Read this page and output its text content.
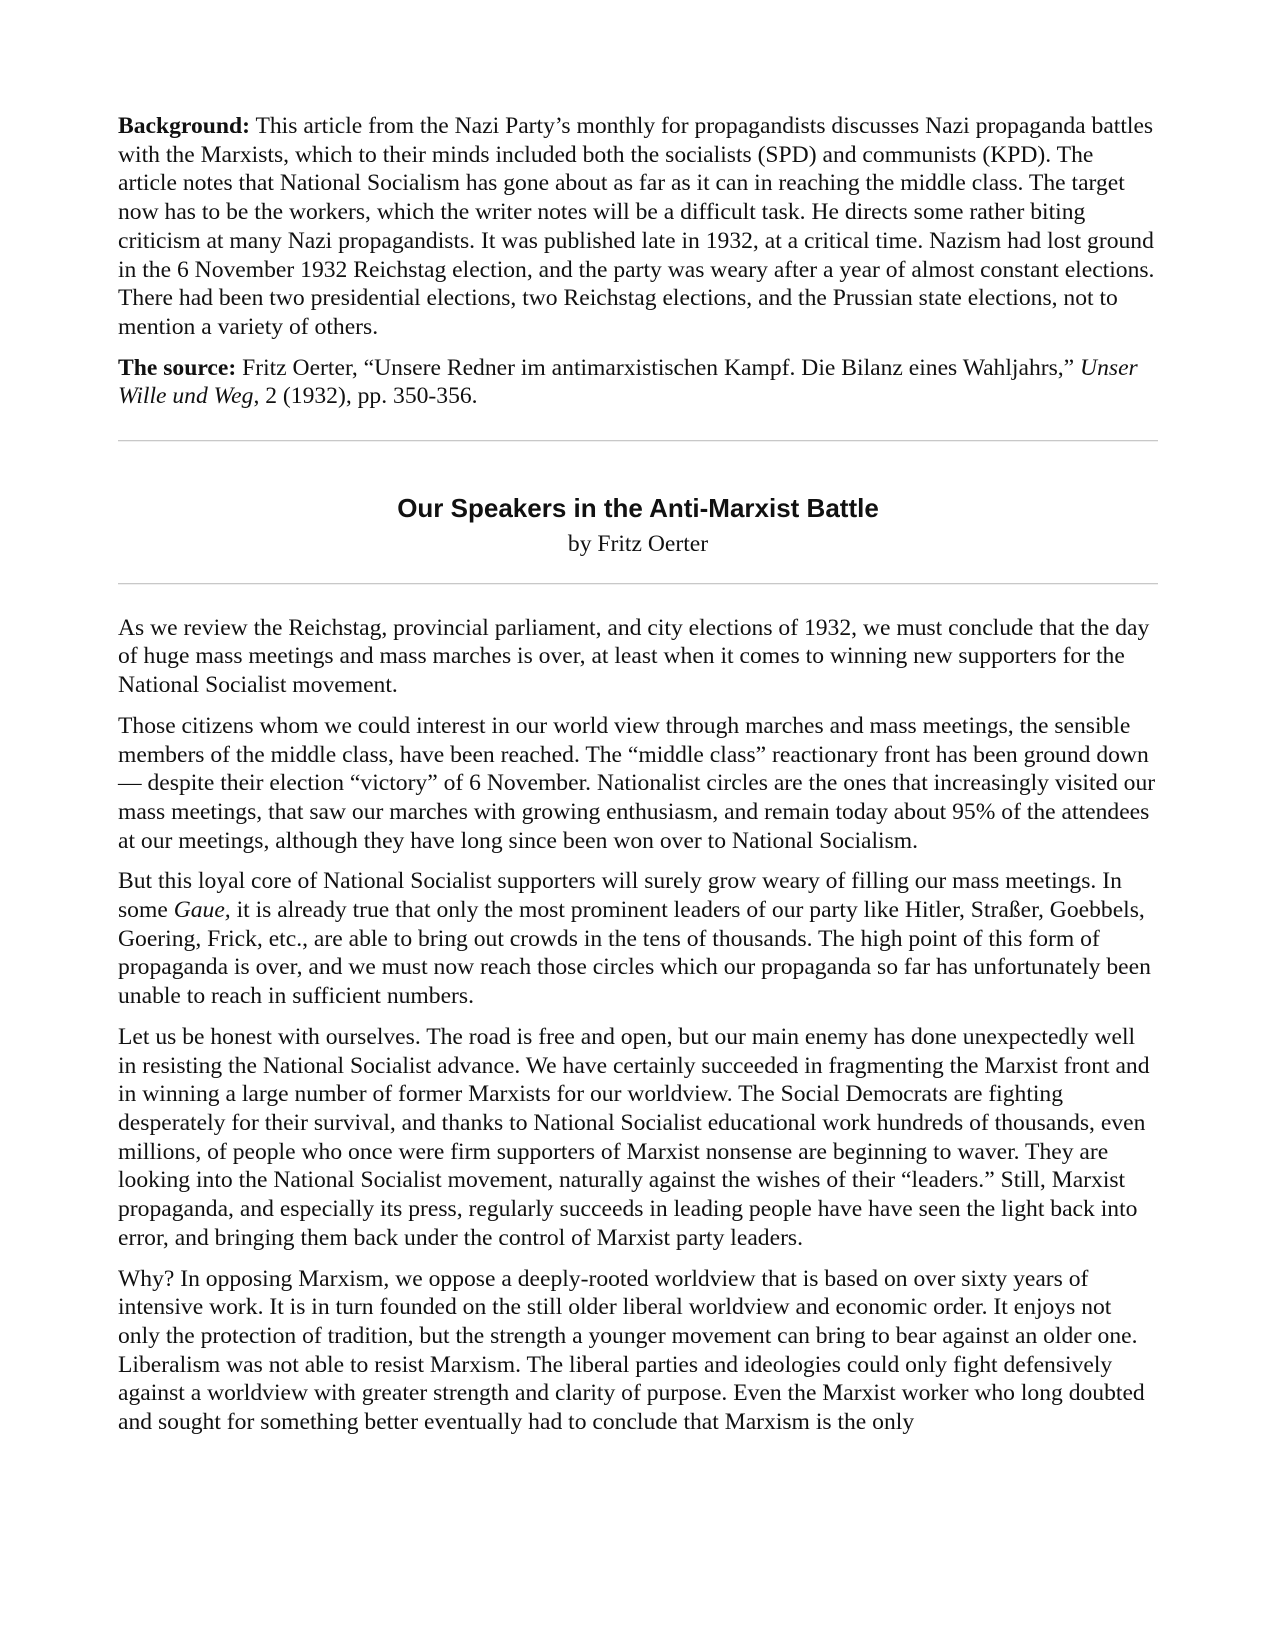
Background: This article from the Nazi Party’s monthly for propagandists discusses Nazi propaganda battles with the Marxists, which to their minds included both the socialists (SPD) and communists (KPD). The article notes that National Socialism has gone about as far as it can in reaching the middle class. The target now has to be the workers, which the writer notes will be a difficult task. He directs some rather biting criticism at many Nazi propagandists. It was published late in 1932, at a critical time. Nazism had lost ground in the 6 November 1932 Reichstag election, and the party was weary after a year of almost constant elections. There had been two presidential elections, two Reichstag elections, and the Prussian state elections, not to mention a variety of others.

The source: Fritz Oerter, “Unsere Redner im antimarxistischen Kampf. Die Bilanz eines Wahljahrs,” Unser Wille und Weg, 2 (1932), pp. 350-356.

Our Speakers in the Anti-Marxist Battle
by Fritz Oerter

As we review the Reichstag, provincial parliament, and city elections of 1932, we must conclude that the day of huge mass meetings and mass marches is over, at least when it comes to winning new supporters for the National Socialist movement.

Those citizens whom we could interest in our world view through marches and mass meetings, the sensible members of the middle class, have been reached. The “middle class” reactionary front has been ground down — despite their election “victory” of 6 November. Nationalist circles are the ones that increasingly visited our mass meetings, that saw our marches with growing enthusiasm, and remain today about 95% of the attendees at our meetings, although they have long since been won over to National Socialism.

But this loyal core of National Socialist supporters will surely grow weary of filling our mass meetings. In some Gaue, it is already true that only the most prominent leaders of our party like Hitler, Straßer, Goebbels, Goering, Frick, etc., are able to bring out crowds in the tens of thousands. The high point of this form of propaganda is over, and we must now reach those circles which our propaganda so far has unfortunately been unable to reach in sufficient numbers.

Let us be honest with ourselves. The road is free and open, but our main enemy has done unexpectedly well in resisting the National Socialist advance. We have certainly succeeded in fragmenting the Marxist front and in winning a large number of former Marxists for our worldview. The Social Democrats are fighting desperately for their survival, and thanks to National Socialist educational work hundreds of thousands, even millions, of people who once were firm supporters of Marxist nonsense are beginning to waver. They are looking into the National Socialist movement, naturally against the wishes of their “leaders.” Still, Marxist propaganda, and especially its press, regularly succeeds in leading people have have seen the light back into error, and bringing them back under the control of Marxist party leaders.

Why? In opposing Marxism, we oppose a deeply-rooted worldview that is based on over sixty years of intensive work. It is in turn founded on the still older liberal worldview and economic order. It enjoys not only the protection of tradition, but the strength a younger movement can bring to bear against an older one. Liberalism was not able to resist Marxism. The liberal parties and ideologies could only fight defensively against a worldview with greater strength and clarity of purpose. Even the Marxist worker who long doubted and sought for something better eventually had to conclude that Marxism is the only
